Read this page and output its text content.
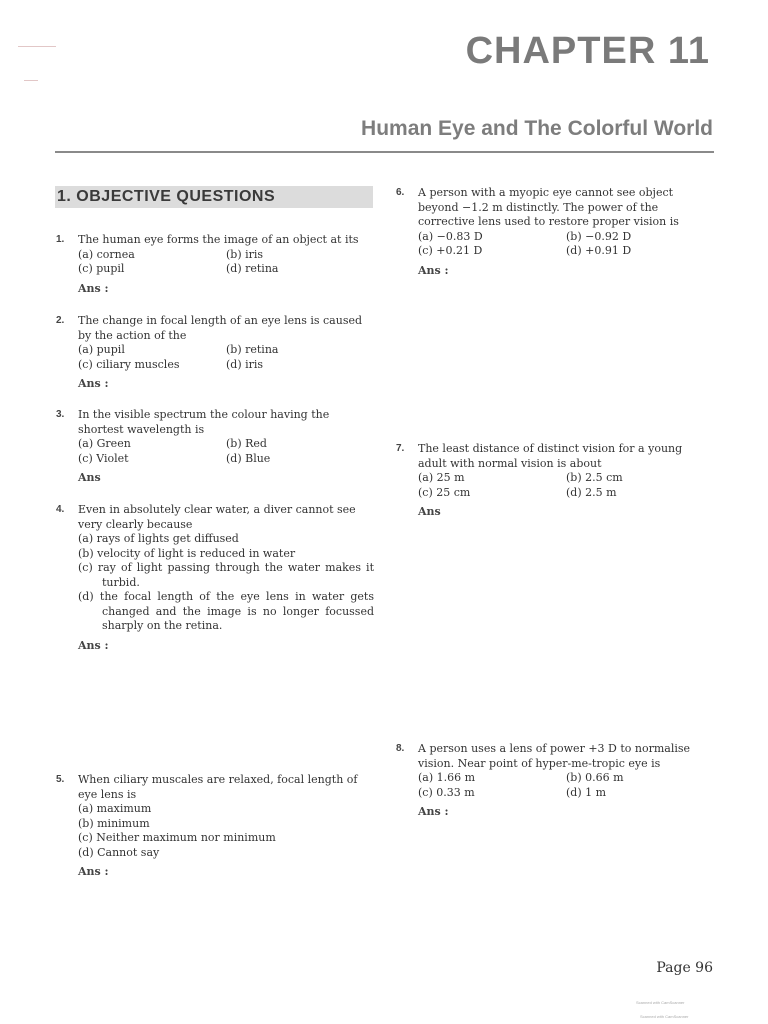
CHAPTER 11
Human Eye and The Colorful World
1. OBJECTIVE QUESTIONS
1. The human eye forms the image of an object at its
(a) cornea	(b) iris
(c) pupil	(d) retina
Ans :
2. The change in focal length of an eye lens is caused by the action of the
(a) pupil	(b) retina
(c) ciliary muscles	(d) iris
Ans :
3. In the visible spectrum the colour having the shortest wavelength is
(a) Green	(b) Red
(c) Violet	(d) Blue
Ans
4. Even in absolutely clear water, a diver cannot see very clearly because
(a) rays of lights get diffused
(b) velocity of light is reduced in water
(c) ray of light passing through the water makes it turbid.
(d) the focal length of the eye lens in water gets changed and the image is no longer focussed sharply on the retina.
Ans :
5. When ciliary muscales are relaxed, focal length of eye lens is
(a) maximum
(b) minimum
(c) Neither maximum nor minimum
(d) Cannot say
Ans :
6. A person with a myopic eye cannot see object beyond −1.2 m distinctly. The power of the corrective lens used to restore proper vision is
(a) −0.83 D	(b) −0.92 D
(c) +0.21 D	(d) +0.91 D
Ans :
7. The least distance of distinct vision for a young adult with normal vision is about
(a) 25 m	(b) 2.5 cm
(c) 25 cm	(d) 2.5 m
Ans
8. A person uses a lens of power +3 D to normalise vision. Near point of hyper-me-tropic eye is
(a) 1.66 m	(b) 0.66 m
(c) 0.33 m	(d) 1 m
Ans :
Page 96
Scanned with CamScanner
Scanned with CamScanner
